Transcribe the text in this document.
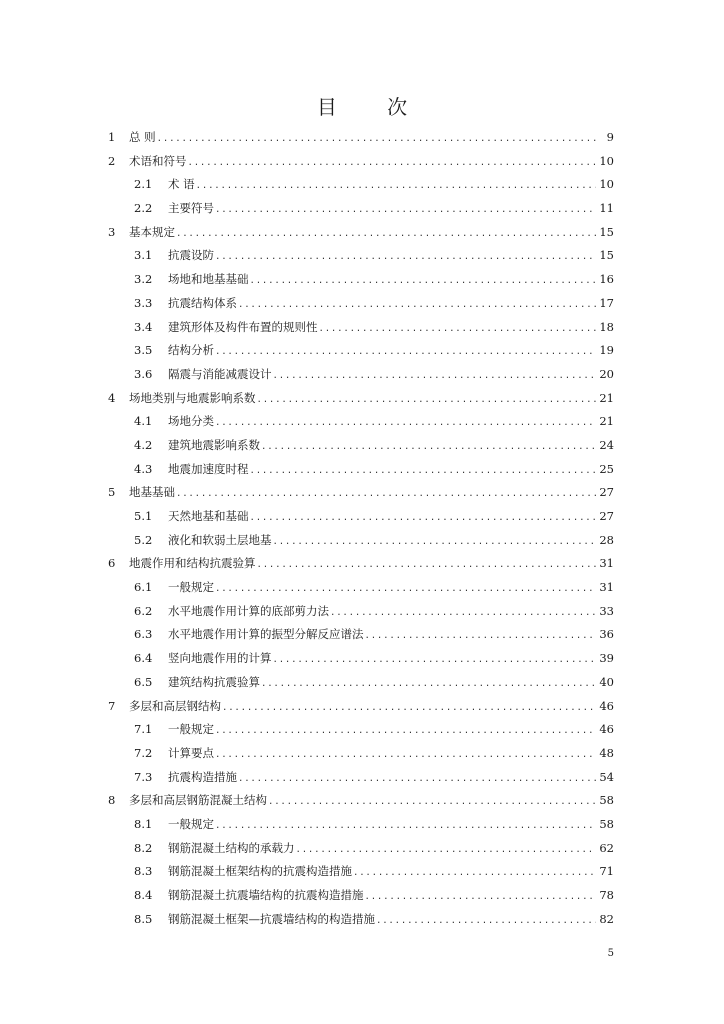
目 次
1	总 则 .....	9
2	术语和符号 .....	10
2.1	术 语 .....	10
2.2	主要符号 .....	11
3	基本规定 .....	15
3.1	抗震设防 .....	15
3.2	场地和地基基础 .....	16
3.3	抗震结构体系 .....	17
3.4	建筑形体及构件布置的规则性 .....	18
3.5	结构分析 .....	19
3.6	隔震与消能减震设计 .....	20
4	场地类别与地震影响系数 .....	21
4.1	场地分类 .....	21
4.2	建筑地震影响系数 .....	24
4.3	地震加速度时程 .....	25
5	地基基础 .....	27
5.1	天然地基和基础 .....	27
5.2	液化和软弱土层地基 .....	28
6	地震作用和结构抗震验算 .....	31
6.1	一般规定 .....	31
6.2	水平地震作用计算的底部剪力法 .....	33
6.3	水平地震作用计算的振型分解反应谱法 .....	36
6.4	竖向地震作用的计算 .....	39
6.5	建筑结构抗震验算 .....	40
7	多层和高层钢结构 .....	46
7.1	一般规定 .....	46
7.2	计算要点 .....	48
7.3	抗震构造措施 .....	54
8	多层和高层钢筋混凝土结构 .....	58
8.1	一般规定 .....	58
8.2	钢筋混凝土结构的承载力 .....	62
8.3	钢筋混凝土框架结构的抗震构造措施 .....	71
8.4	钢筋混凝土抗震墙结构的抗震构造措施 .....	78
8.5	钢筋混凝土框架—抗震墙结构的构造措施 .....	82
5
